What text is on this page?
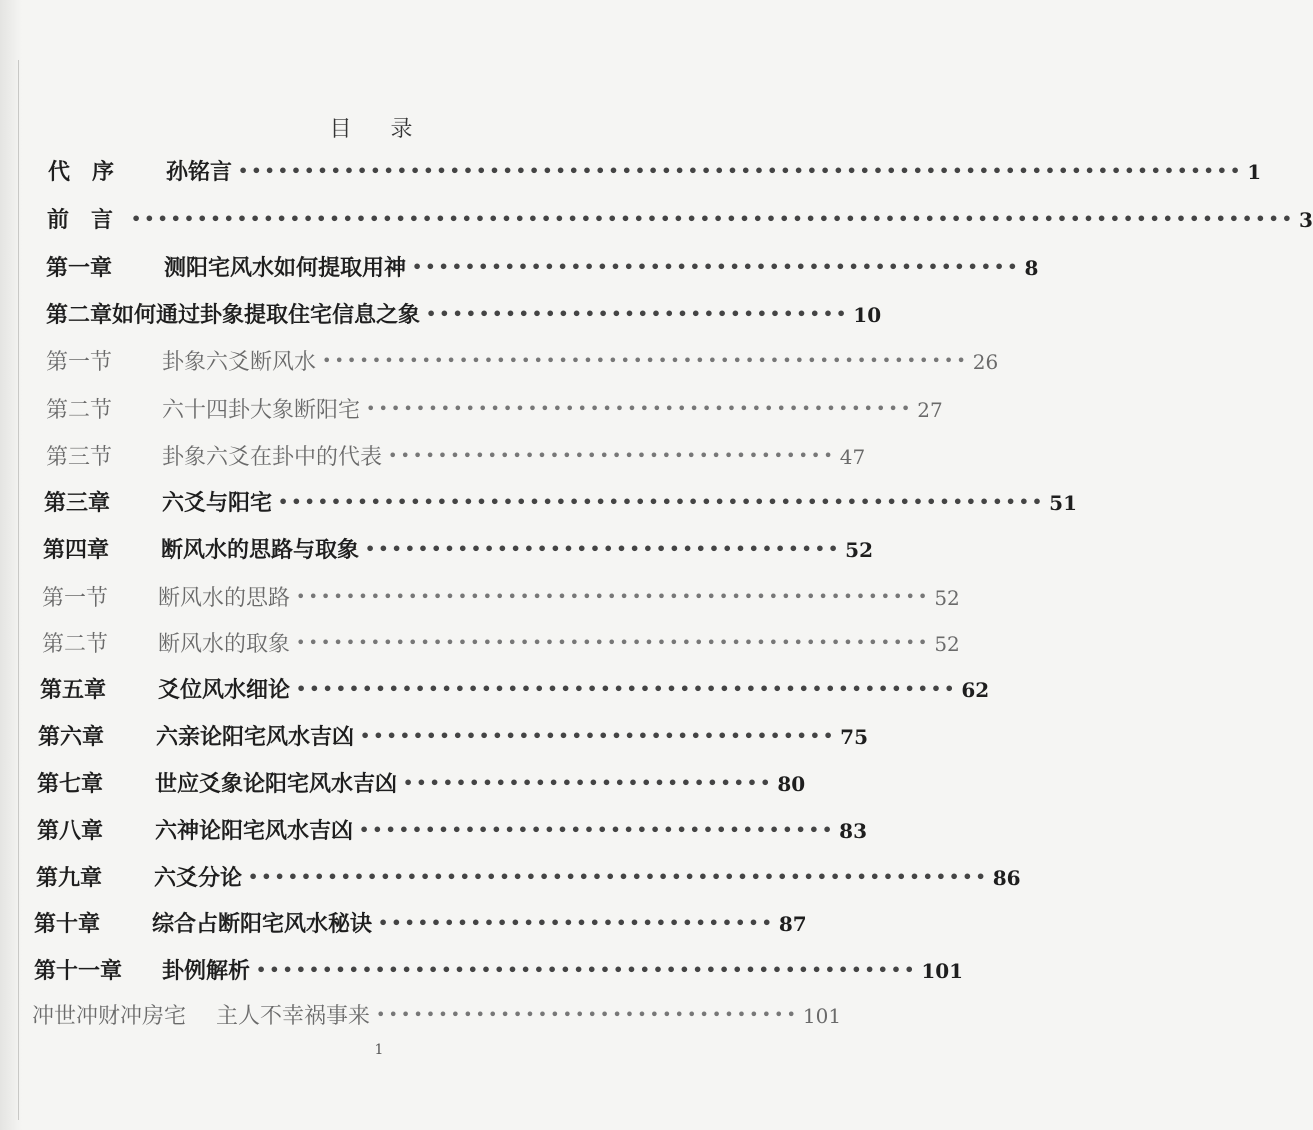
目 录
代　序	孙铭言 •••••••••••••••••••••••••••••••••••••••••••••••••••••••••••••••••••••••••••• 1
前　言	•••••••••••••••••••••••••••••••••••••••••••••••••••••••••••••••••••••••••••••••••••••••• 3
第一章	测阳宅风水如何提取用神 •••••••••••••••••••••••••••••••••••••••••••••• 8
第二章 如何通过卦象提取住宅信息之象 •••••••••••••••••••••••••••••••• 10
第一节	卦象六爻断风水 •••••••••••••••••••••••••••••••••••••••••••••••••••• 26
第二节	六十四卦大象断阳宅 •••••••••••••••••••••••••••••••••••••••••••• 27
第三节	卦象六爻在卦中的代表 •••••••••••••••••••••••••••••••••••• 47
第三章	六爻与阳宅 •••••••••••••••••••••••••••••••••••••••••••••••••••••••••• 51
第四章	断风水的思路与取象 •••••••••••••••••••••••••••••••••••• 52
第一节	断风水的思路 ••••••••••••••••••••••••••••••••••••••••••••••••••• 52
第二节	断风水的取象 ••••••••••••••••••••••••••••••••••••••••••••••••••• 52
第五章	爻位风水细论 •••••••••••••••••••••••••••••••••••••••••••••••••• 62
第六章	六亲论阳宅风水吉凶 •••••••••••••••••••••••••••••••••••• 75
第七章	世应爻象论阳宅风水吉凶 •••••••••••••••••••••••••••• 80
第八章	六神论阳宅风水吉凶 •••••••••••••••••••••••••••••••••••• 83
第九章	六爻分论 •••••••••••••••••••••••••••••••••••••••••••••••••••••••• 86
第十章	综合占断阳宅风水秘诀 •••••••••••••••••••••••••••••• 87
第十一章	卦例解析 •••••••••••••••••••••••••••••••••••••••••••••••••• 101
冲世冲财冲房宅 主人不幸祸事来 •••••••••••••••••••••••••••••••••• 101
1
